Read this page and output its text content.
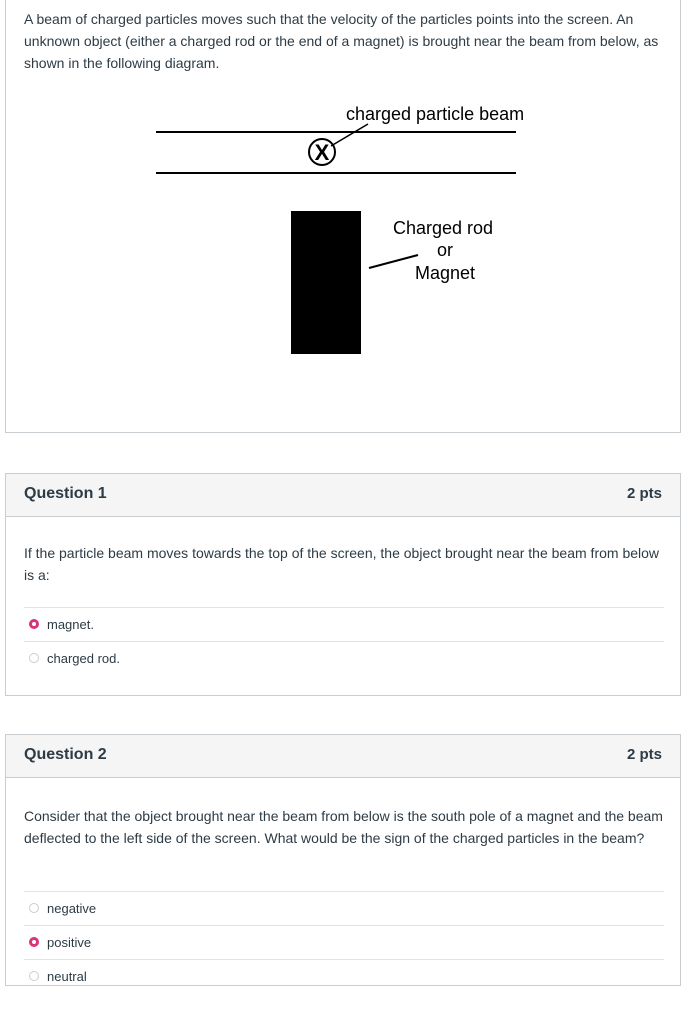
A beam of charged particles moves such that the velocity of the particles points into the screen. An unknown object (either a charged rod or the end of a magnet) is brought near the beam from below, as shown in the following diagram.
X
charged particle beam
Charged rod
or
Magnet
Question 1	2 pts
If the particle beam moves towards the top of the screen, the object brought near the beam from below is a:
magnet.
charged rod.
Question 2	2 pts
Consider that the object brought near the beam from below is the south pole of a magnet and the beam deflected to the left side of the screen. What would be the sign of the charged particles in the beam?
negative
positive
neutral
